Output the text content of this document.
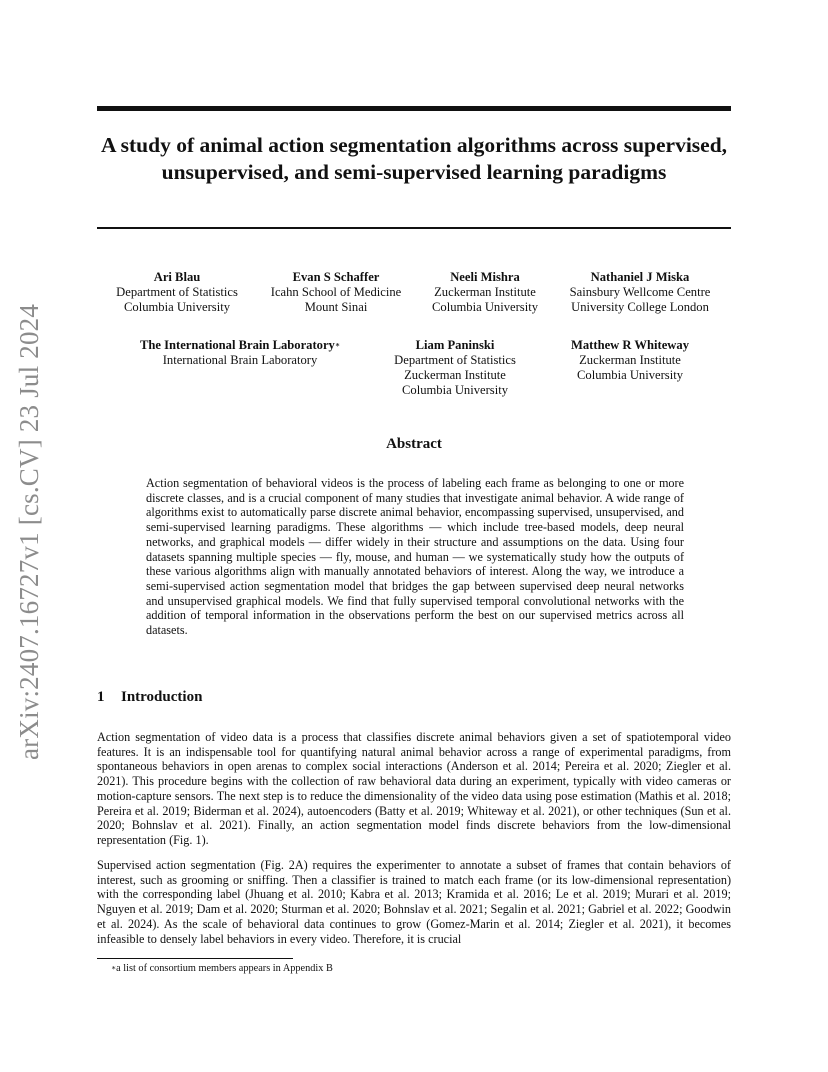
arXiv:2407.16727v1 [cs.CV] 23 Jul 2024
A study of animal action segmentation algorithms across supervised, unsupervised, and semi-supervised learning paradigms
Ari Blau
Department of Statistics
Columbia University
Evan S Schaffer
Icahn School of Medicine
Mount Sinai
Neeli Mishra
Zuckerman Institute
Columbia University
Nathaniel J Miska
Sainsbury Wellcome Centre
University College London
The International Brain Laboratory∗
International Brain Laboratory
Liam Paninski
Department of Statistics
Zuckerman Institute
Columbia University
Matthew R Whiteway
Zuckerman Institute
Columbia University
Abstract
Action segmentation of behavioral videos is the process of labeling each frame as belonging to one or more discrete classes, and is a crucial component of many studies that investigate animal behavior. A wide range of algorithms exist to automatically parse discrete animal behavior, encompassing supervised, unsupervised, and semi-supervised learning paradigms. These algorithms — which include tree-based models, deep neural networks, and graphical models — differ widely in their structure and assumptions on the data. Using four datasets spanning multiple species — fly, mouse, and human — we systematically study how the outputs of these various algorithms align with manually annotated behaviors of interest. Along the way, we introduce a semi-supervised action segmentation model that bridges the gap between supervised deep neural networks and unsupervised graphical models. We find that fully supervised temporal convolutional networks with the addition of temporal information in the observations perform the best on our supervised metrics across all datasets.
1 Introduction
Action segmentation of video data is a process that classifies discrete animal behaviors given a set of spatiotemporal video features. It is an indispensable tool for quantifying natural animal behavior across a range of experimental paradigms, from spontaneous behaviors in open arenas to complex social interactions (Anderson et al. 2014; Pereira et al. 2020; Ziegler et al. 2021). This procedure begins with the collection of raw behavioral data during an experiment, typically with video cameras or motion-capture sensors. The next step is to reduce the dimensionality of the video data using pose estimation (Mathis et al. 2018; Pereira et al. 2019; Biderman et al. 2024), autoencoders (Batty et al. 2019; Whiteway et al. 2021), or other techniques (Sun et al. 2020; Bohnslav et al. 2021). Finally, an action segmentation model finds discrete behaviors from the low-dimensional representation (Fig. 1).
Supervised action segmentation (Fig. 2A) requires the experimenter to annotate a subset of frames that contain behaviors of interest, such as grooming or sniffing. Then a classifier is trained to match each frame (or its low-dimensional representation) with the corresponding label (Jhuang et al. 2010; Kabra et al. 2013; Kramida et al. 2016; Le et al. 2019; Murari et al. 2019; Nguyen et al. 2019; Dam et al. 2020; Sturman et al. 2020; Bohnslav et al. 2021; Segalin et al. 2021; Gabriel et al. 2022; Goodwin et al. 2024). As the scale of behavioral data continues to grow (Gomez-Marin et al. 2014; Ziegler et al. 2021), it becomes infeasible to densely label behaviors in every video. Therefore, it is crucial
∗a list of consortium members appears in Appendix B
